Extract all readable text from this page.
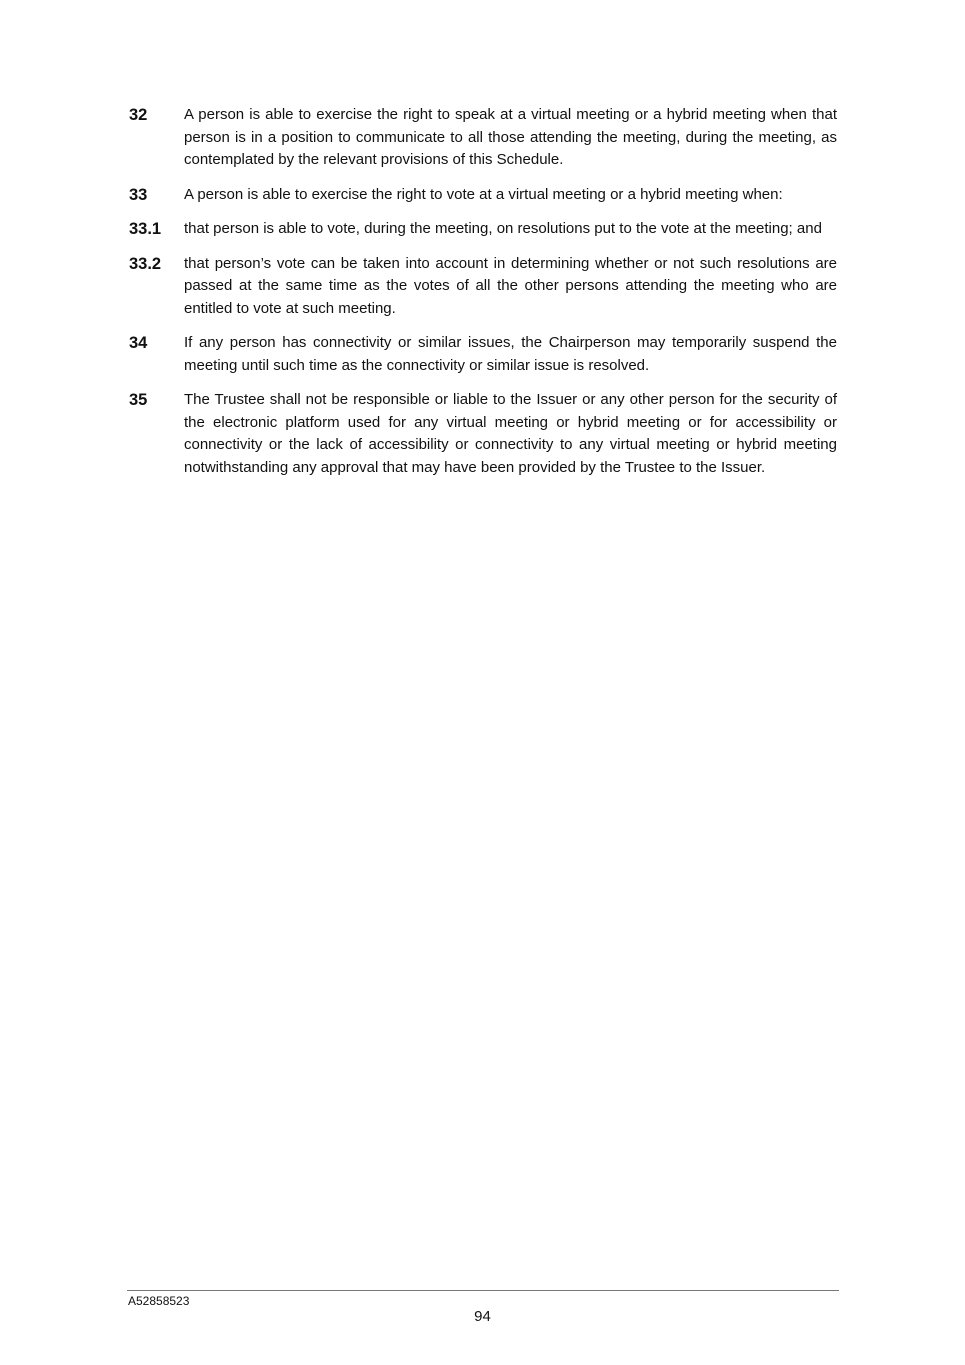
32	A person is able to exercise the right to speak at a virtual meeting or a hybrid meeting when that person is in a position to communicate to all those attending the meeting, during the meeting, as contemplated by the relevant provisions of this Schedule.
33	A person is able to exercise the right to vote at a virtual meeting or a hybrid meeting when:
33.1	that person is able to vote, during the meeting, on resolutions put to the vote at the meeting; and
33.2	that person’s vote can be taken into account in determining whether or not such resolutions are passed at the same time as the votes of all the other persons attending the meeting who are entitled to vote at such meeting.
34	If any person has connectivity or similar issues, the Chairperson may temporarily suspend the meeting until such time as the connectivity or similar issue is resolved.
35	The Trustee shall not be responsible or liable to the Issuer or any other person for the security of the electronic platform used for any virtual meeting or hybrid meeting or for accessibility or connectivity or the lack of accessibility or connectivity to any virtual meeting or hybrid meeting notwithstanding any approval that may have been provided by the Trustee to the Issuer.
A52858523
94
